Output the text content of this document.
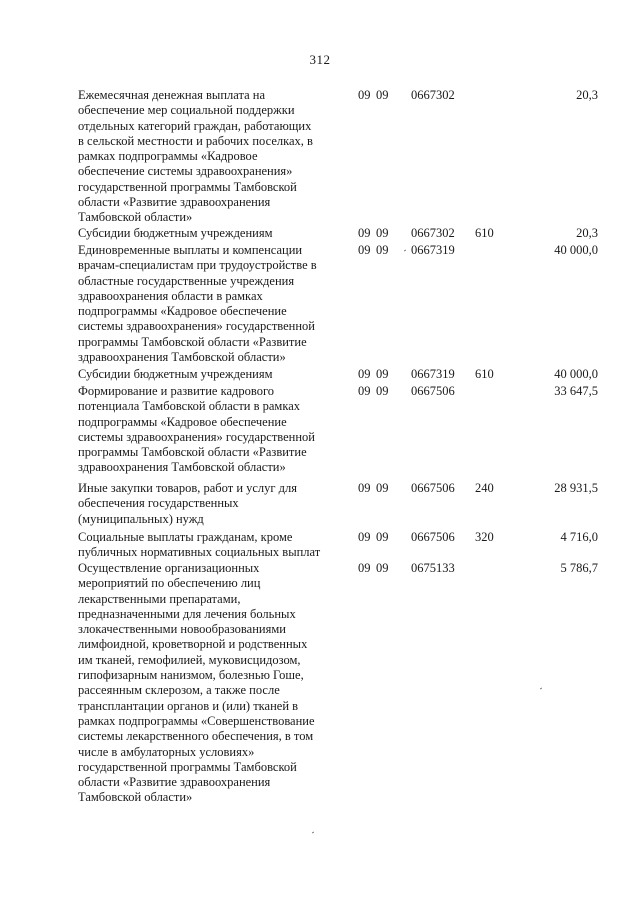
312
Ежемесячная денежная выплата на
обеспечение мер социальной поддержки
отдельных категорий граждан, работающих
в сельской местности и рабочих поселках, в
рамках подпрограммы «Кадровое
обеспечение системы здравоохранения»
государственной программы Тамбовской
области «Развитие здравоохранения
Тамбовской области»
09 09 0667302	20,3
Субсидии бюджетным учреждениям	09 09 0667302 610	20,3
Единовременные выплаты и компенсации
врачам-специалистам при трудоустройстве в
областные государственные учреждения
здравоохранения области в рамках
подпрограммы «Кадровое обеспечение
системы здравоохранения» государственной
программы Тамбовской области «Развитие
здравоохранения Тамбовской области»
09 09 0667319	40 000,0
Субсидии бюджетным учреждениям	09 09 0667319 610	40 000,0
Формирование и развитие кадрового
потенциала Тамбовской области в рамках
подпрограммы «Кадровое обеспечение
системы здравоохранения» государственной
программы Тамбовской области «Развитие
здравоохранения Тамбовской области»
09 09 0667506	33 647,5
Иные закупки товаров, работ и услуг для
обеспечения государственных
(муниципальных) нужд
09 09 0667506 240	28 931,5
Социальные выплаты гражданам, кроме
публичных нормативных социальных выплат
09 09 0667506 320	4 716,0
Осуществление организационных
мероприятий по обеспечению лиц
лекарственными препаратами,
предназначенными для лечения больных
злокачественными новообразованиями
лимфоидной, кроветворной и родственных
им тканей, гемофилией, муковисцидозом,
гипофизарным нанизмом, болезнью Гоше,
рассеянным склерозом, а также после
трансплантации органов и (или) тканей в
рамках подпрограммы «Совершенствование
системы лекарственного обеспечения, в том
числе в амбулаторных условиях»
государственной программы Тамбовской
области «Развитие здравоохранения
Тамбовской области»
09 09 0675133	5 786,7
